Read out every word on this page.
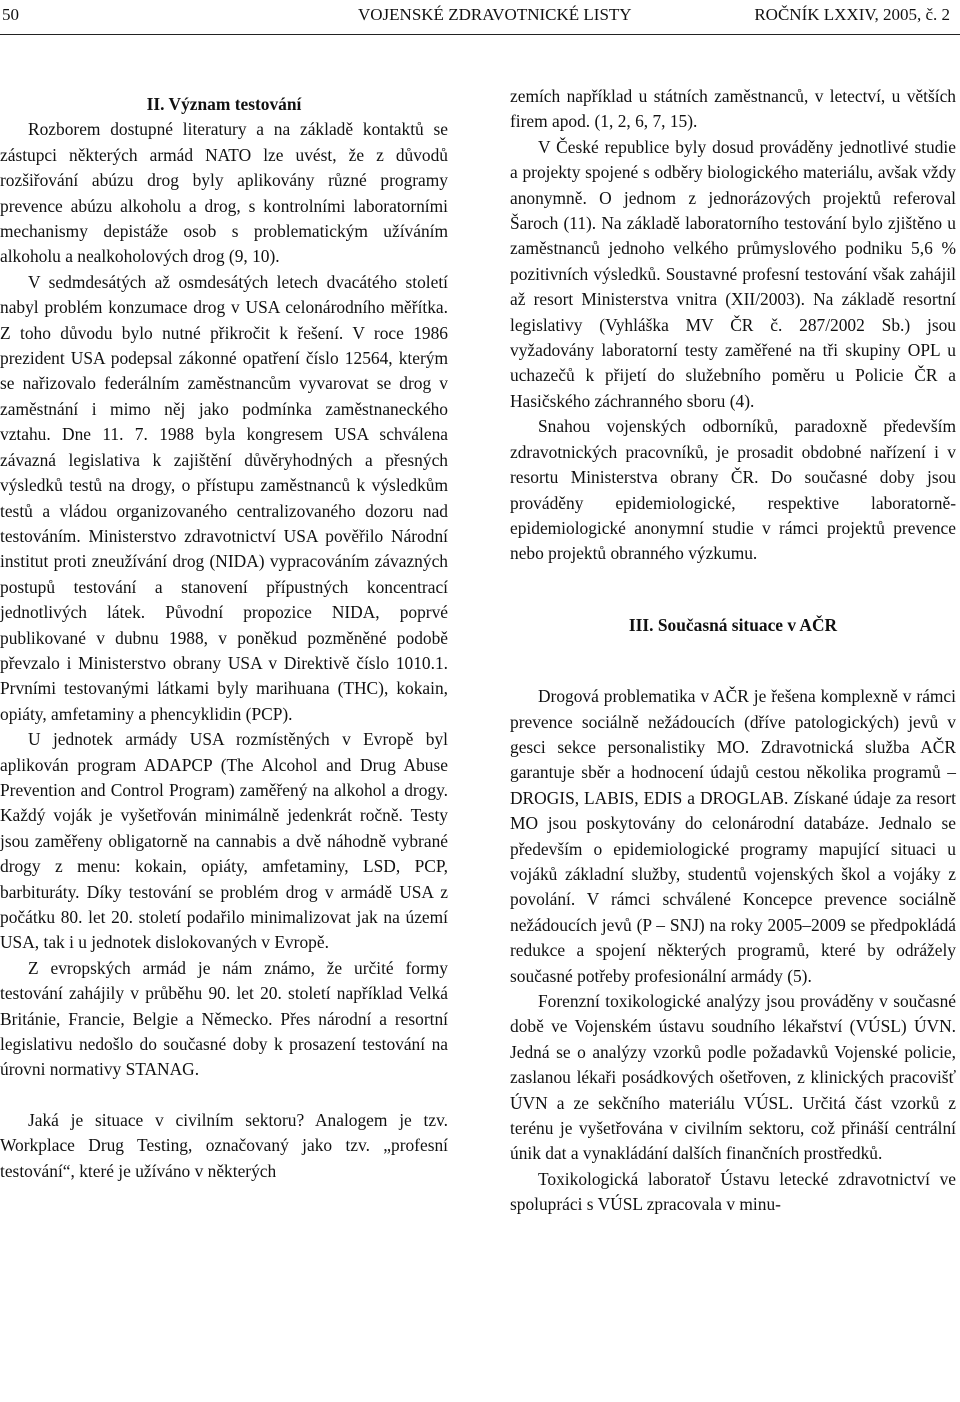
50	VOJENSKÉ ZDRAVOTNICKÉ LISTY	ROČNÍK LXXIV, 2005, č. 2
II. Význam testování

Rozborem dostupné literatury a na základě kontaktů se zástupci některých armád NATO lze uvést, že z důvodů rozšiřování abúzu drog byly aplikovány různé programy prevence abúzu alkoholu a drog, s kontrolními laboratorními mechanismy depistáže osob s problematickým užíváním alkoholu a nealkoholových drog (9, 10).

V sedmdesátých až osmdesátých letech dvacátého století nabyl problém konzumace drog v USA celonárodního měřítka. Z toho důvodu bylo nutné přikročit k řešení. V roce 1986 prezident USA podepsal zákonné opatření číslo 12564, kterým se nařizovalo federálním zaměstnancům vyvarovat se drog v zaměstnání i mimo něj jako podmínka zaměstnaneckého vztahu. Dne 11. 7. 1988 byla kongresem USA schválena závazná legislativa k zajištění důvěryhodných a přesných výsledků testů na drogy, o přístupu zaměstnanců k výsledkům testů a vládou organizovaného centralizovaného dozoru nad testováním. Ministerstvo zdravotnictví USA pověřilo Národní institut proti zneužívání drog (NIDA) vypracováním závazných postupů testování a stanovení přípustných koncentrací jednotlivých látek. Původní propozice NIDA, poprvé publikované v dubnu 1988, v poněkud pozměněné podobě převzalo i Ministerstvo obrany USA v Direktivě číslo 1010.1. Prvními testovanými látkami byly marihuana (THC), kokain, opiáty, amfetaminy a phencyklidin (PCP).

U jednotek armády USA rozmístěných v Evropě byl aplikován program ADAPCP (The Alcohol and Drug Abuse Prevention and Control Program) zaměřený na alkohol a drogy. Každý voják je vyšetřován minimálně jedenkrát ročně. Testy jsou zaměřeny obligatorně na cannabis a dvě náhodně vybrané drogy z menu: kokain, opiáty, amfetaminy, LSD, PCP, barbituráty. Díky testování se problém drog v armádě USA z počátku 80. let 20. století podařilo minimalizovat jak na území USA, tak i u jednotek dislokovaných v Evropě.

Z evropských armád je nám známo, že určité formy testování zahájily v průběhu 90. let 20. století například Velká Británie, Francie, Belgie a Německo. Přes národní a resortní legislativu nedošlo do současné doby k prosazení testování na úrovni normativy STANAG.

Jaká je situace v civilním sektoru? Analogem je tzv. Workplace Drug Testing, označovaný jako tzv. „profesní testování“, které je užíváno v některých

zemích například u státních zaměstnanců, v letectví, u větších firem apod. (1, 2, 6, 7, 15).

V České republice byly dosud prováděny jednotlivé studie a projekty spojené s odběry biologického materiálu, avšak vždy anonymně. O jednom z jednorázových projektů referoval Šaroch (11). Na základě laboratorního testování bylo zjištěno u zaměstnanců jednoho velkého průmyslového podniku 5,6 % pozitivních výsledků. Soustavné profesní testování však zahájil až resort Ministerstva vnitra (XII/2003). Na základě resortní legislativy (Vyhláška MV ČR č. 287/2002 Sb.) jsou vyžadovány laboratorní testy zaměřené na tři skupiny OPL u uchazečů k přijetí do služebního poměru u Policie ČR a Hasičského záchranného sboru (4).

Snahou vojenských odborníků, paradoxně především zdravotnických pracovníků, je prosadit obdobné nařízení i v resortu Ministerstva obrany ČR. Do současné doby jsou prováděny epidemiologické, respektive laboratorně-epidemiologické anonymní studie v rámci projektů prevence nebo projektů obranného výzkumu.

III. Současná situace v AČR

Drogová problematika v AČR je řešena komplexně v rámci prevence sociálně nežádoucích (dříve patologických) jevů v gesci sekce personalistiky MO. Zdravotnická služba AČR garantuje sběr a hodnocení údajů cestou několika programů – DROGIS, LABIS, EDIS a DROGLAB. Získané údaje za resort MO jsou poskytovány do celonárodní databáze. Jednalo se především o epidemiologické programy mapující situaci u vojáků základní služby, studentů vojenských škol a vojáky z povolání. V rámci schválené Koncepce prevence sociálně nežádoucích jevů (P – SNJ) na roky 2005–2009 se předpokládá redukce a spojení některých programů, které by odrážely současné potřeby profesionální armády (5).

Forenzní toxikologické analýzy jsou prováděny v současné době ve Vojenském ústavu soudního lékařství (VÚSL) ÚVN. Jedná se o analýzy vzorků podle požadavků Vojenské policie, zaslanou lékaři posádkových ošetřoven, z klinických pracovišť ÚVN a ze sekčního materiálu VÚSL. Určitá část vzorků z terénu je vyšetřována v civilním sektoru, což přináší centrální únik dat a vynakládání dalších finančních prostředků.

Toxikologická laboratoř Ústavu letecké zdravotnictví ve spolupráci s VÚSL zpracovala v minu-
